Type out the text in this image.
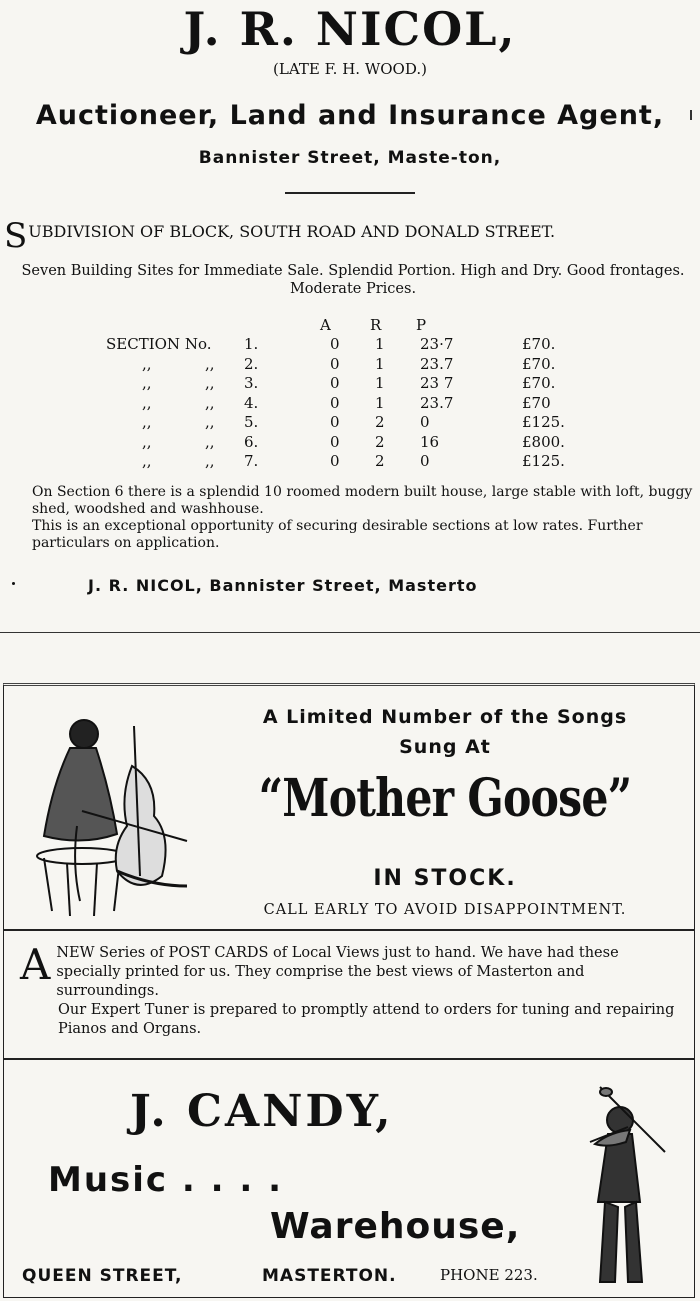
J. R. NICOL,
(LATE F. H. WOOD.)
Auctioneer, Land and Insurance Agent,
Bannister Street, Maste-ton,
SUBDIVISION OF BLOCK, SOUTH ROAD AND DONALD STREET.
Seven Building Sites for Immediate Sale. Splendid Portion. High and Dry. Good frontages. Moderate Prices.
A	R P
SECTION No. 1.	0 1 23·7	£70.
,,	,, 2.	0 1 23.7	£70.
,,	,, 3.	0 1 23 7	£70.
,,	,, 4.	0 1 23.7	£70
,,	,, 5.	0 2 0	£125.
,,	,, 6.	0 2 16	£800.
,,	,, 7.	0 2 0	£125.

On Section 6 there is a splendid 10 roomed modern built house, large stable with loft, buggy shed, woodshed and washhouse.

This is an exceptional opportunity of securing desirable sections at low rates. Further particulars on application.

J. R. NICOL, Bannister Street, Masterto
A Limited Number of the Songs
Sung At
“Mother Goose”
IN STOCK.
CALL EARLY TO AVOID DISAPPOINTMENT.
A NEW Series of POST CARDS of Local Views just to hand. We have had these specially printed for us. They comprise the best views of Masterton and surroundings.

Our Expert Tuner is prepared to promptly attend to orders for tuning and repairing Pianos and Organs.

J. CANDY,
Music . . . .
Warehouse,
QUEEN STREET,	MASTERTON.	PHONE 223.
